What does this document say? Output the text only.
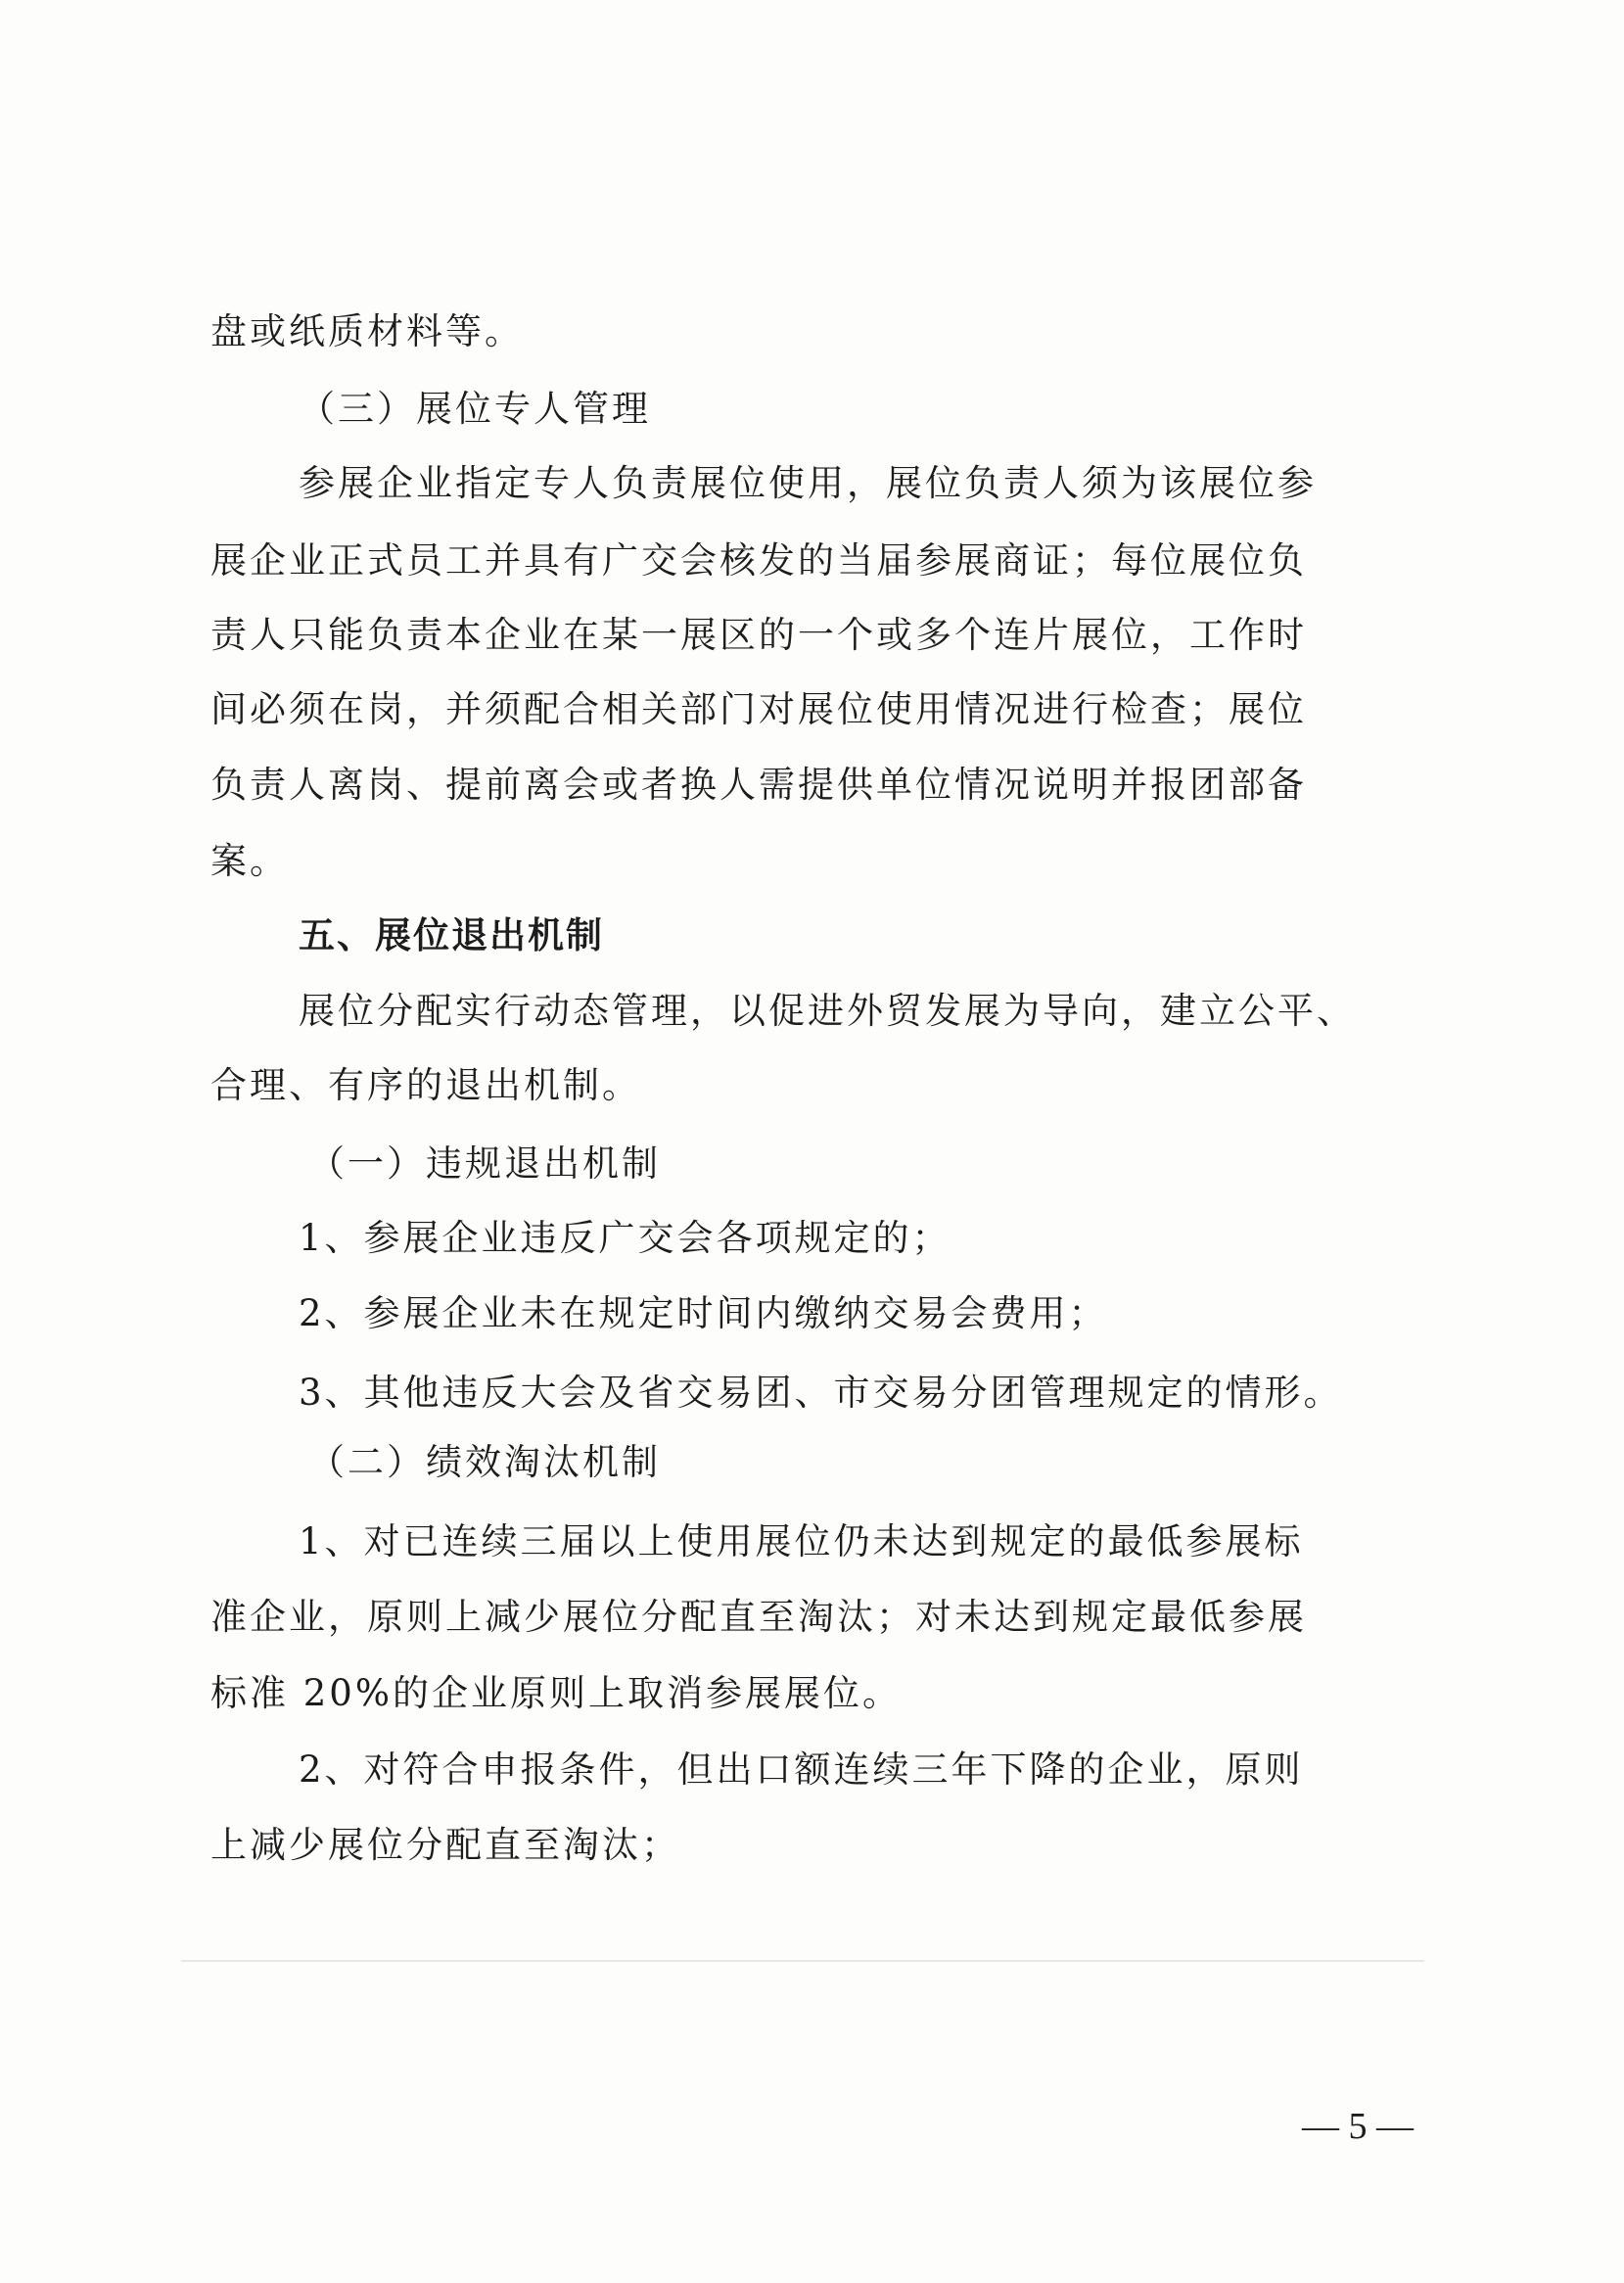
盘或纸质材料等。
（三）展位专人管理
参展企业指定专人负责展位使用，展位负责人须为该展位参
展企业正式员工并具有广交会核发的当届参展商证；每位展位负
责人只能负责本企业在某一展区的一个或多个连片展位，工作时
间必须在岗，并须配合相关部门对展位使用情况进行检查；展位
负责人离岗、提前离会或者换人需提供单位情况说明并报团部备
案。
五、展位退出机制
展位分配实行动态管理，以促进外贸发展为导向，建立公平、
合理、有序的退出机制。
（一）违规退出机制
1、参展企业违反广交会各项规定的；
2、参展企业未在规定时间内缴纳交易会费用；
3、其他违反大会及省交易团、市交易分团管理规定的情形。
（二）绩效淘汰机制
1、对已连续三届以上使用展位仍未达到规定的最低参展标
准企业，原则上减少展位分配直至淘汰；对未达到规定最低参展
标准 20%的企业原则上取消参展展位。
2、对符合申报条件，但出口额连续三年下降的企业，原则
上减少展位分配直至淘汰；
— 5 —
